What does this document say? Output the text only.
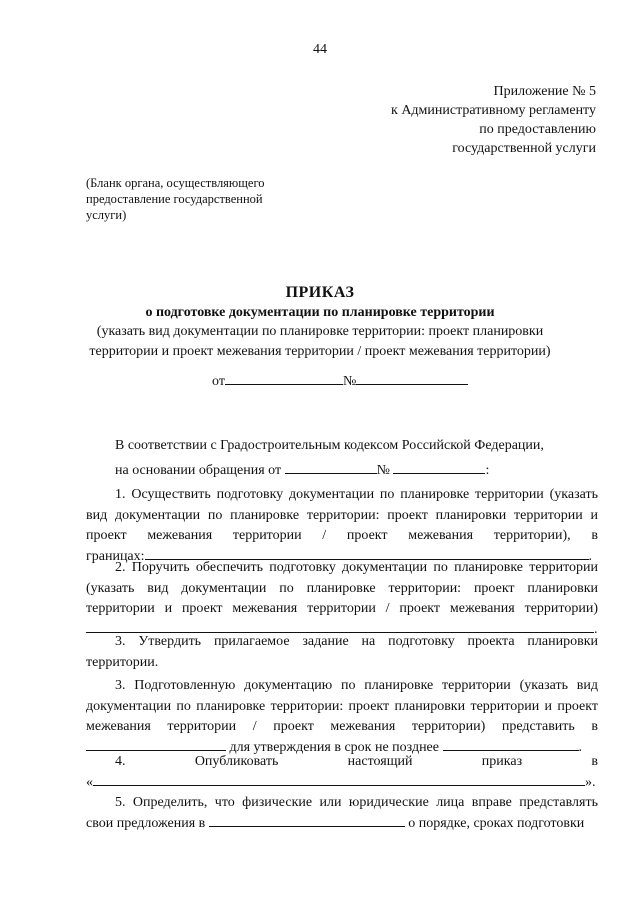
44
Приложение № 5
к Административному регламенту
по предоставлению
государственной услуги
(Бланк органа, осуществляющего
предоставление государственной
услуги)
ПРИКАЗ
о подготовке документации по планировке территории
(указать вид документации по планировке территории: проект планировки
территории и проект межевания территории / проект межевания территории)
от	№
В соответствии с Градостроительным кодексом Российской Федерации,
на основании обращения от	№	:
1. Осуществить подготовку документации по планировке территории (указать
вид документации по планировке территории: проект планировки территории и
проект межевания территории / проект межевания территории), в
границах:	.
2. Поручить обеспечить подготовку документации по планировке территории
(указать вид документации по планировке территории: проект планировки
территории и проект межевания территории / проект межевания территории)
.
3. Утвердить прилагаемое задание на подготовку проекта планировки
территории.
3. Подготовленную документацию по планировке территории (указать вид
документации по планировке территории: проект планировки территории и проект
межевания территории / проект межевания территории) представить в
для утверждения в срок не позднее	.
4.	Опубликовать	настоящий	приказ	в
«	».
5. Определить, что физические или юридические лица вправе представлять
свои предложения в	о порядке, сроках подготовки
